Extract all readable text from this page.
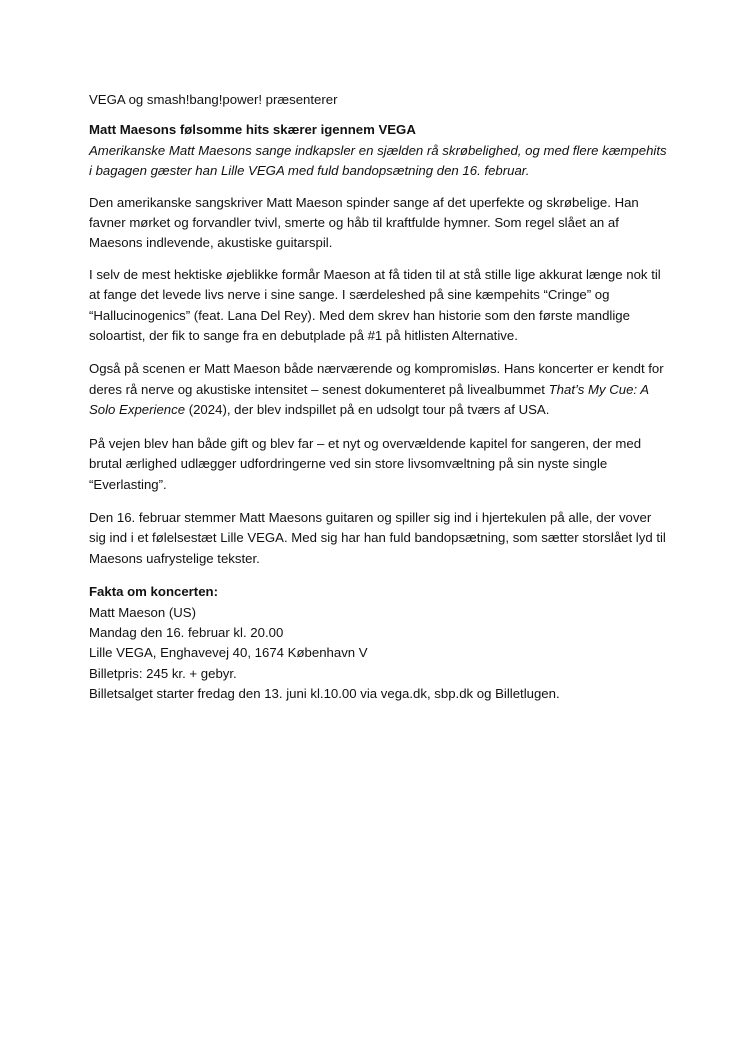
VEGA og smash!bang!power! præsenterer

Matt Maesons følsomme hits skærer igennem VEGA

Amerikanske Matt Maesons sange indkapsler en sjælden rå skrøbelighed, og med flere kæmpehits i bagagen gæster han Lille VEGA med fuld bandopsætning den 16. februar.

Den amerikanske sangskriver Matt Maeson spinder sange af det uperfekte og skrøbelige. Han favner mørket og forvandler tvivl, smerte og håb til kraftfulde hymner. Som regel slået an af Maesons indlevende, akustiske guitarspil.

I selv de mest hektiske øjeblikke formår Maeson at få tiden til at stå stille lige akkurat længe nok til at fange det levede livs nerve i sine sange. I særdeleshed på sine kæmpehits “Cringe” og “Hallucinogenics” (feat. Lana Del Rey). Med dem skrev han historie som den første mandlige soloartist, der fik to sange fra en debutplade på #1 på hitlisten Alternative.

Også på scenen er Matt Maeson både nærværende og kompromisløs. Hans koncerter er kendt for deres rå nerve og akustiske intensitet – senest dokumenteret på livealbummet That’s My Cue: A Solo Experience (2024), der blev indspillet på en udsolgt tour på tværs af USA.

På vejen blev han både gift og blev far – et nyt og overvældende kapitel for sangeren, der med brutal ærlighed udlægger udfordringerne ved sin store livsomvæltning på sin nyste single “Everlasting”.

Den 16. februar stemmer Matt Maesons guitaren og spiller sig ind i hjertekulen på alle, der vover sig ind i et følelsestæt Lille VEGA. Med sig har han fuld bandopsætning, som sætter storslået lyd til Maesons uafrystelige tekster.

Fakta om koncerten:

Matt Maeson (US)
Mandag den 16. februar kl. 20.00
Lille VEGA, Enghavevej 40, 1674 København V
Billetpris: 245 kr. + gebyr.
Billetsalget starter fredag den 13. juni kl.10.00 via vega.dk, sbp.dk og Billetlugen.
